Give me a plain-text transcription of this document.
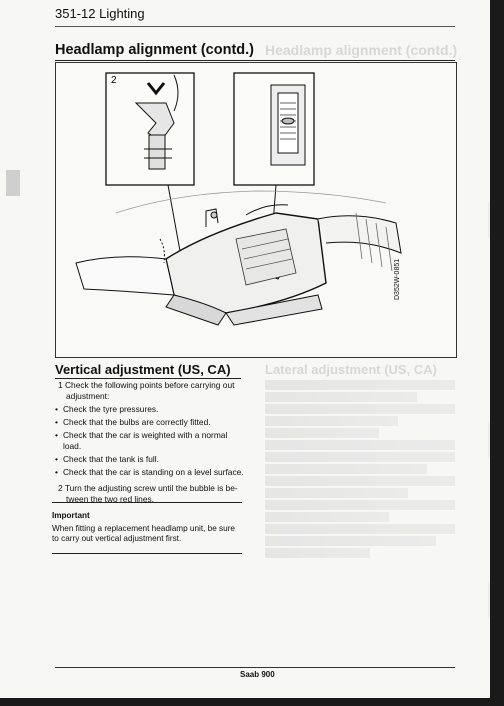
351-12 Lighting
Headlamp alignment (contd.) Headlamp alignment (contd.)
2
D352W-0851
Vertical adjustment (US, CA)	Lateral adjustment (US, CA)

1 Check the following points before carrying out adjustment:

• Check the tyre pressures.
• Check that the bulbs are correctly fitted.
• Check that the car is weighted with a normal load.
• Check that the tank is full.
• Check that the car is standing on a level surface.

2 Turn the adjusting screw until the bubble is be-tween the two red lines.

Important
When fitting a replacement headlamp unit, be sure to carry out vertical adjustment first.
Saab 900
